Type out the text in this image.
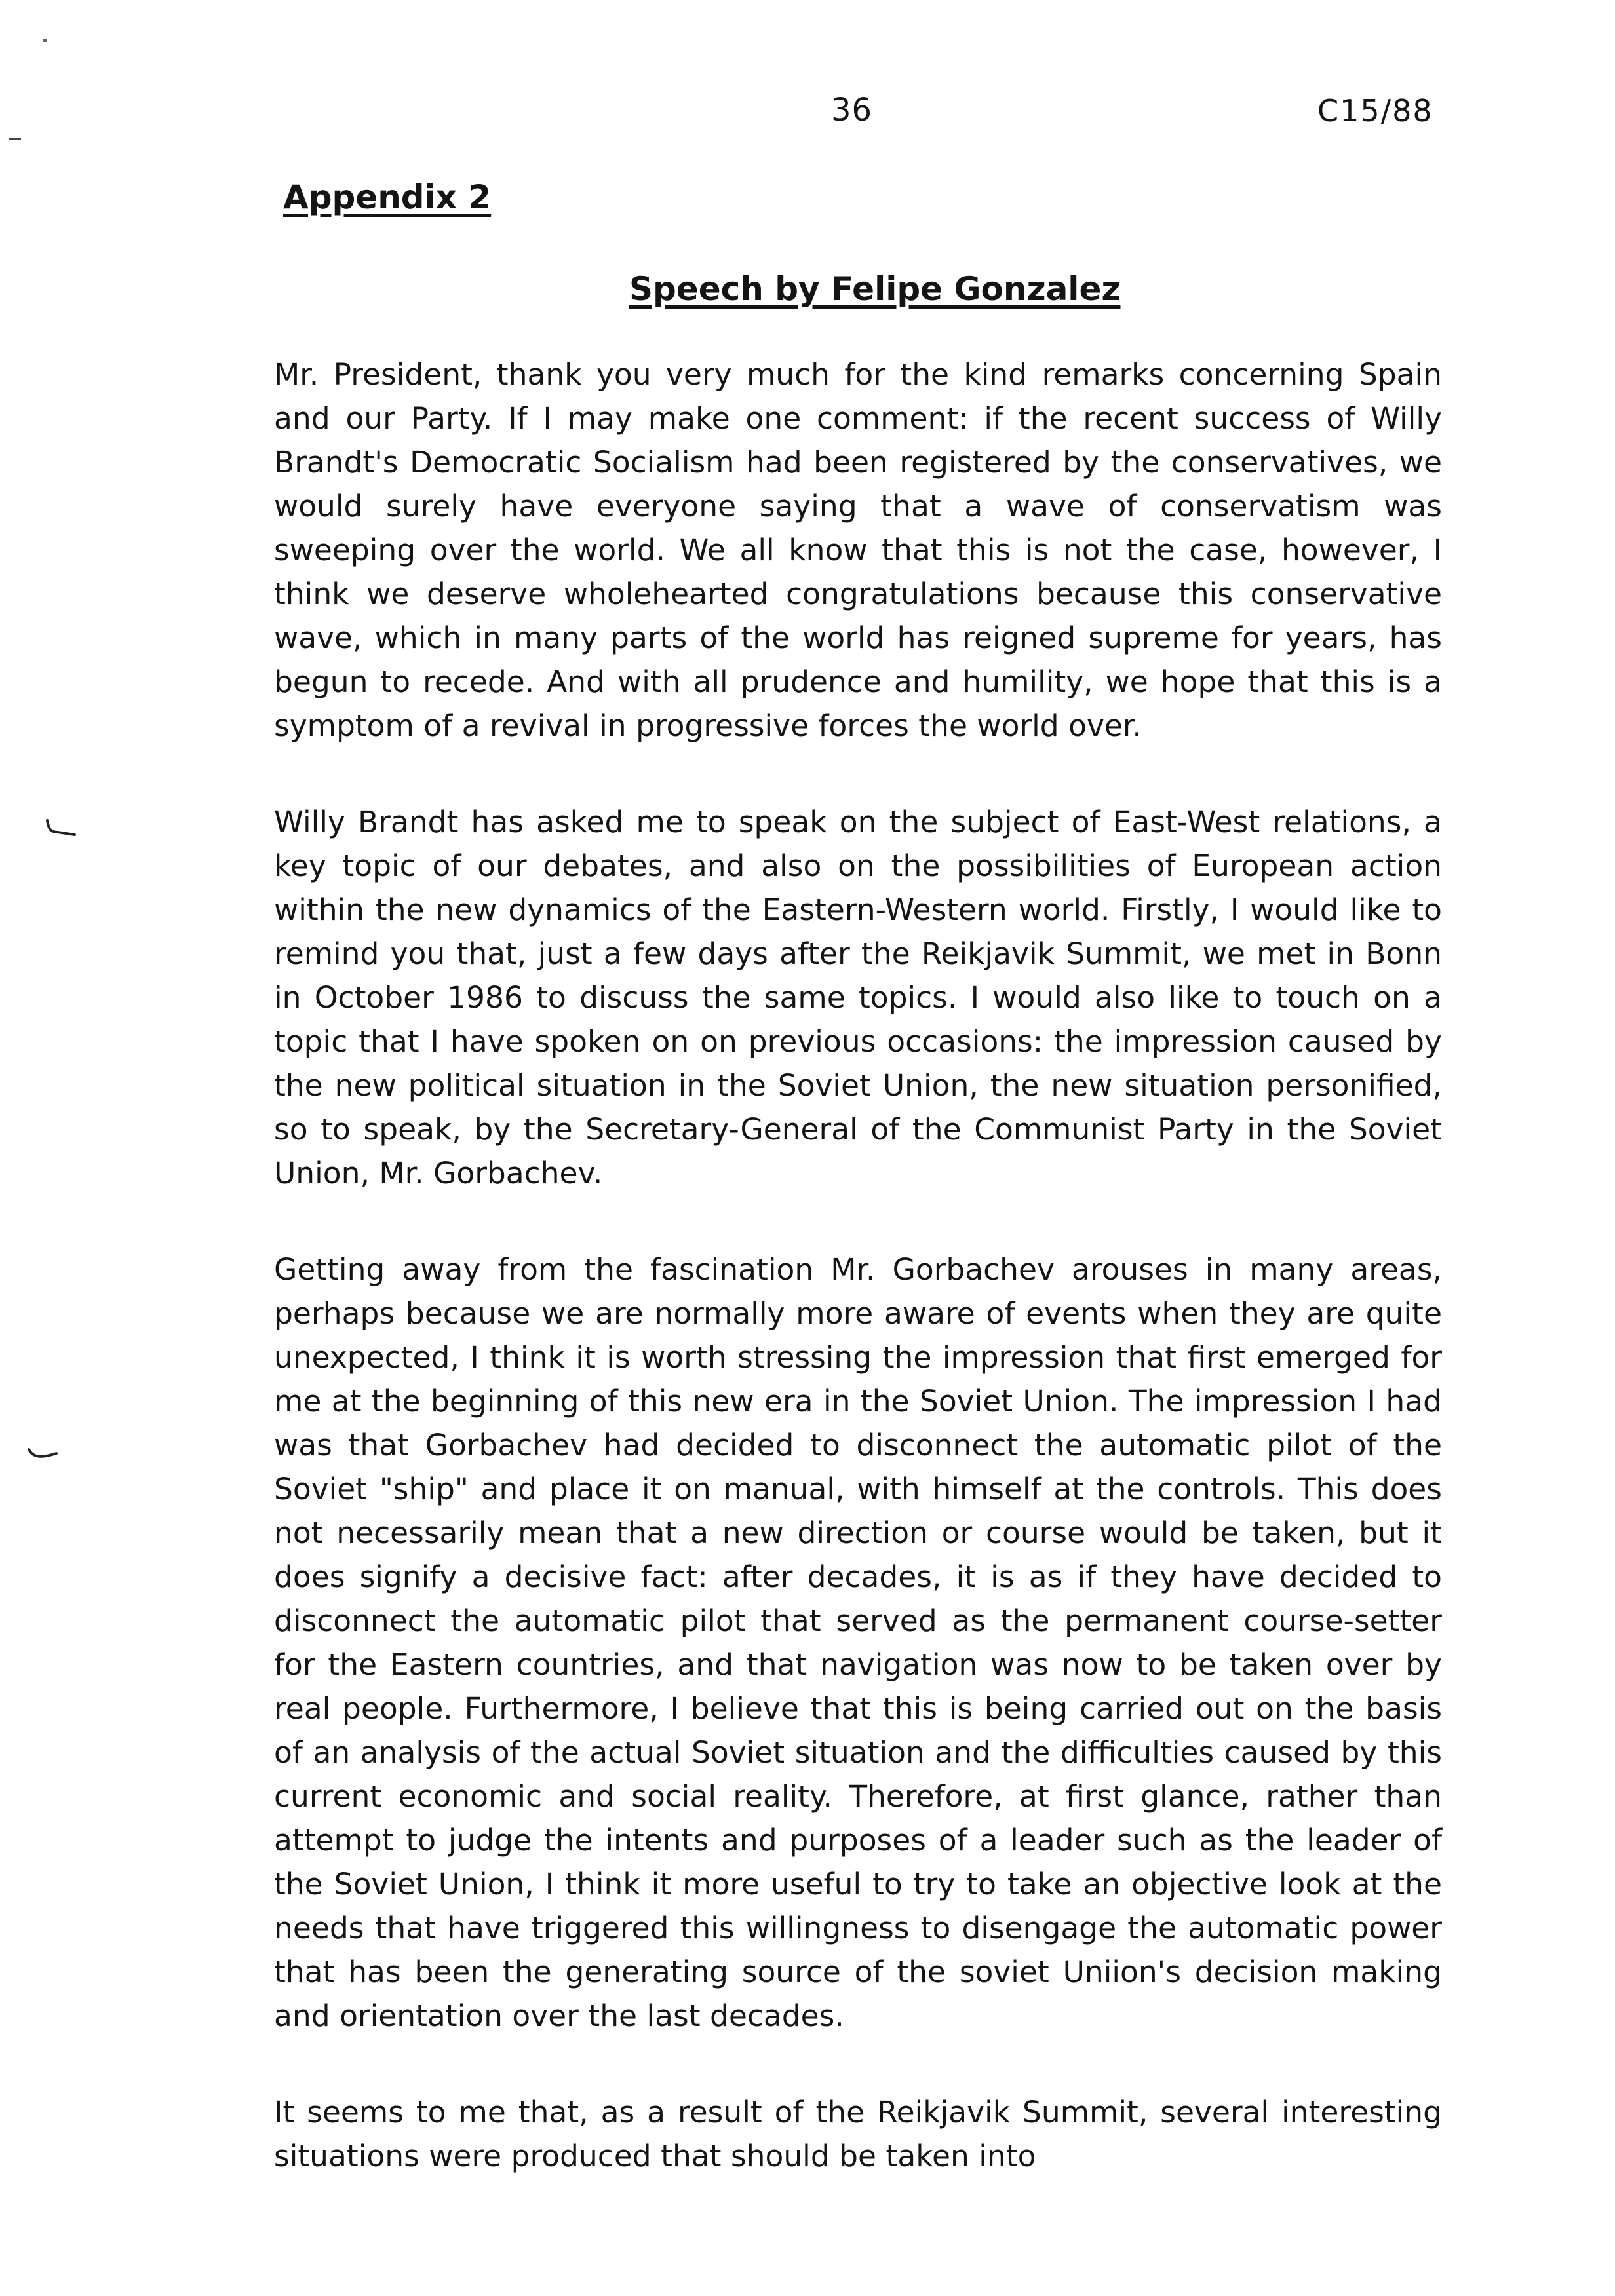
36	C15/88
Appendix 2
Speech by Felipe Gonzalez

Mr. President, thank you very much for the kind remarks concerning Spain and our Party. If I may make one comment: if the recent success of Willy Brandt's Democratic Socialism had been registered by the conservatives, we would surely have everyone saying that a wave of conservatism was sweeping over the world. We all know that this is not the case, however, I think we deserve wholehearted congratulations because this conservative wave, which in many parts of the world has reigned supreme for years, has begun to recede. And with all prudence and humility, we hope that this is a symptom of a revival in progressive forces the world over.

Willy Brandt has asked me to speak on the subject of East-West relations, a key topic of our debates, and also on the possibilities of European action within the new dynamics of the Eastern-Western world. Firstly, I would like to remind you that, just a few days after the Reikjavik Summit, we met in Bonn in October 1986 to discuss the same topics. I would also like to touch on a topic that I have spoken on on previous occasions: the impression caused by the new political situation in the Soviet Union, the new situation personified, so to speak, by the Secretary-General of the Communist Party in the Soviet Union, Mr. Gorbachev.

Getting away from the fascination Mr. Gorbachev arouses in many areas, perhaps because we are normally more aware of events when they are quite unexpected, I think it is worth stressing the impression that first emerged for me at the beginning of this new era in the Soviet Union. The impression I had was that Gorbachev had decided to disconnect the automatic pilot of the Soviet "ship" and place it on manual, with himself at the controls. This does not necessarily mean that a new direction or course would be taken, but it does signify a decisive fact: after decades, it is as if they have decided to disconnect the automatic pilot that served as the permanent course-setter for the Eastern countries, and that navigation was now to be taken over by real people. Furthermore, I believe that this is being carried out on the basis of an analysis of the actual Soviet situation and the difficulties caused by this current economic and social reality. Therefore, at first glance, rather than attempt to judge the intents and purposes of a leader such as the leader of the Soviet Union, I think it more useful to try to take an objective look at the needs that have triggered this willingness to disengage the automatic power that has been the generating source of the soviet Uniion's decision making and orientation over the last decades.

It seems to me that, as a result of the Reikjavik Summit, several interesting situations were produced that should be taken into
